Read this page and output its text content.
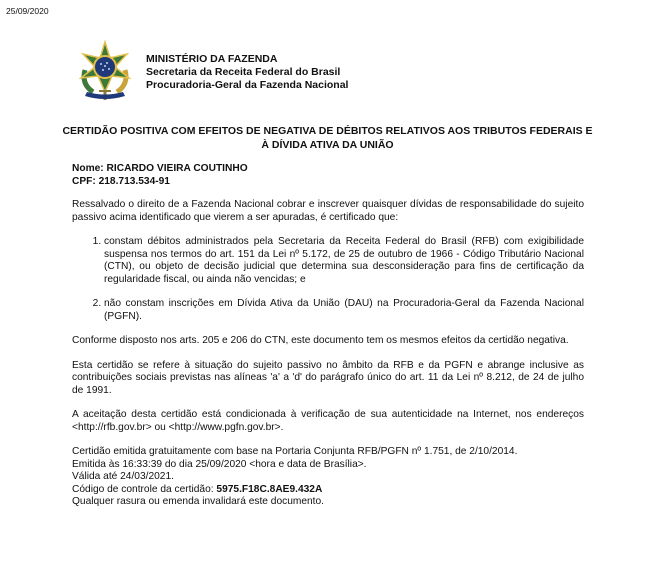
25/09/2020
MINISTÉRIO DA FAZENDA
Secretaria da Receita Federal do Brasil
Procuradoria-Geral da Fazenda Nacional
CERTIDÃO POSITIVA COM EFEITOS DE NEGATIVA DE DÉBITOS RELATIVOS AOS TRIBUTOS FEDERAIS E À DÍVIDA ATIVA DA UNIÃO

Nome: RICARDO VIEIRA COUTINHO

CPF: 218.713.534-91

Ressalvado o direito de a Fazenda Nacional cobrar e inscrever quaisquer dívidas de responsabilidade do sujeito passivo acima identificado que vierem a ser apuradas, é certificado que:

1. constam débitos administrados pela Secretaria da Receita Federal do Brasil (RFB) com exigibilidade suspensa nos termos do art. 151 da Lei nº 5.172, de 25 de outubro de 1966 - Código Tributário Nacional (CTN), ou objeto de decisão judicial que determina sua desconsideração para fins de certificação da regularidade fiscal, ou ainda não vencidas; e
2. não constam inscrições em Dívida Ativa da União (DAU) na Procuradoria-Geral da Fazenda Nacional (PGFN).

Conforme disposto nos arts. 205 e 206 do CTN, este documento tem os mesmos efeitos da certidão negativa.

Esta certidão se refere à situação do sujeito passivo no âmbito da RFB e da PGFN e abrange inclusive as contribuições sociais previstas nas alíneas 'a' a 'd' do parágrafo único do art. 11 da Lei nº 8.212, de 24 de julho de 1991.

A aceitação desta certidão está condicionada à verificação de sua autenticidade na Internet, nos endereços <http://rfb.gov.br> ou <http://www.pgfn.gov.br>.

Certidão emitida gratuitamente com base na Portaria Conjunta RFB/PGFN nº 1.751, de 2/10/2014.
Emitida às 16:33:39 do dia 25/09/2020 <hora e data de Brasília>.
Válida até 24/03/2021.
Código de controle da certidão: 5975.F18C.8AE9.432A
Qualquer rasura ou emenda invalidará este documento.
